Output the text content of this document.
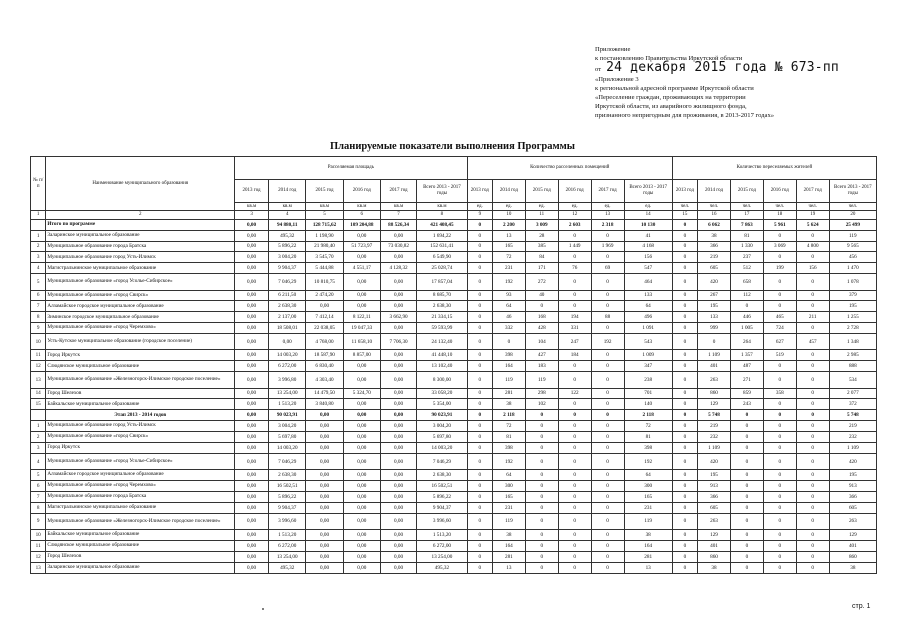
Приложение
к постановлению Правительства Иркутской области
от 24 декабря 2015 года № 673-пп
«Приложение 3
к региональной адресной программе Иркутской области
«Переселение граждан, проживающих на территории
Иркутской области, из аварийного жилищного фонда,
признанного непригодным для проживания, в 2013-2017 годах»
Планируемые показатели выполнения Программы
№ п/п	Наименование муниципального образования	Расселяемая площадь						Количество расселенных помещений						Количество переселяемых жителей					
		2013 год	2014 год	2015 год	2016 год	2017 год	Всего 2013 - 2017 годы	2013 год	2014 год	2015 год	2016 год	2017 год	Всего 2013 - 2017 годы	2013 год	2014 год	2015 год	2016 год	2017 год	Всего 2013 - 2017 годы
		кв.м	кв.м	кв.м	кв.м	кв.м	кв.м	ед.	ед.	ед.	ед.	ед.	ед.	чел.	чел.	чел.	чел.	чел.	чел.
1	2	3	4	5	6	7	8	9	10	11	12	13	14	15	16	17	18	19	20
	Итого по программе	0,00	94 880,11	128 715,62	109 204,88	88 526,34	421 408,45	0	2 200	3 009	2 603	2 318	10 130	0	6 062	7 863	5 961	5 624	25 499
1	Заларинское муниципальное образование	0,00	495,32	1 198,90	0,00	0,00	1 694,22	0	13	28	0	0	41	0	38	81	0	0	119
2	Муниципальное образование города Братска	0,00	5 896,22	21 980,40	51 723,97	73 030,82	152 631,41	0	165	385	1 449	1 969	4 168	0	366	1 330	3 069	4 800	9 565
3	Муниципальное образование город Усть-Илимск	0,00	3 004,20	3 545,70	0,00	0,00	6 549,90	0	72	84	0	0	156	0	219	237	0	0	456
4	Магистральнинское муниципальное образование	0,00	9 904,37	5 444,88	4 551,17	4 128,32	25 028,74	0	231	171	76	69	547	0	605	512	199	156	1 470
5	Муниципальное образование «город Усолье-Сибирское»	0,00	7 046,29	10 810,75	0,00	0,00	17 857,04	0	192	272	0	0	464	0	420	658	0	0	1 078
6	Муниципальное образование «город Свирск»	0,00	6 211,50	2 474,20	0,00	0,00	8 685,70	0	93	40	0	0	133	0	267	112	0	0	379
7	Алзамайское городское муниципальное образование	0,00	2 638,30	0,00	0,00	0,00	2 638,30	0	64	0	0	0	64	0	195	0	0	0	195
8	Зиминское городское муниципальное образование	0,00	2 137,00	7 412,14	8 122,11	3 662,90	21 334,15	0	46	168	194	88	496	0	133	446	465	211	1 255
9	Муниципальное образование «город Черемхово»	0,00	18 508,01	22 038,05	19 047,33	0,00	59 593,99	0	332	428	331	0	1 091	0	999	1 005	724	0	2 728
10	Усть-Кутское муниципальное образование (городское поселение)	0,00	0,00	4 768,00	11 658,10	7 706,30	24 132,40	0	0	104	247	192	543	0	0	264	627	457	1 348
11	Город Иркутск	0,00	14 003,20	18 587,90	8 857,00	0,00	41 448,10	0	398	427	184	0	1 009	0	1 109	1 357	519	0	2 985
12	Слюдянское муниципальное образование	0,00	6 272,00	6 830,40	0,00	0,00	13 102,40	0	164	183	0	0	347	0	401	487	0	0	888
13	Муниципальное образование «Железногорск-Илимское городское поселение»	0,00	3 996,80	4 303,40	0,00	0,00	8 300,00	0	119	119	0	0	238	0	263	271	0	0	534
14	Город Шелехов	0,00	13 254,00	14 479,50	5 324,70	0,00	33 058,20	0	281	298	122	0	701	0	860	859	358	0	2 077
15	Байкальское муниципальное образование	0,00	1 513,20	3 840,80	0,00	0,00	5 354,00	0	38	102	0	0	140	0	129	243	0	0	372
	Этап 2013 - 2014 годов	0,00	90 023,91	0,00	0,00	0,00	90 023,91	0	2 118	0	0	0	2 118	0	5 748	0	0	0	5 748
1	Муниципальное образование город Усть-Илимск	0,00	3 004,20	0,00	0,00	0,00	3 004,20	0	72	0	0	0	72	0	219	0	0	0	219
2	Муниципальное образование «город Свирск»	0,00	5 697,80	0,00	0,00	0,00	5 697,80	0	81	0	0	0	81	0	232	0	0	0	232
3	Город Иркутск	0,00	14 003,20	0,00	0,00	0,00	14 003,20	0	398	0	0	0	398	0	1 109	0	0	0	1 109
4	Муниципальное образование «город Усолье-Сибирское»	0,00	7 046,29	0,00	0,00	0,00	7 046,29	0	192	0	0	0	192	0	420	0	0	0	420
5	Алзамайское городское муниципальное образование	0,00	2 638,30	0,00	0,00	0,00	2 638,30	0	64	0	0	0	64	0	195	0	0	0	195
6	Муниципальное образование «город Черемхово»	0,00	16 502,51	0,00	0,00	0,00	16 502,51	0	300	0	0	0	300	0	913	0	0	0	913
7	Муниципальное образование города Братска	0,00	5 896,22	0,00	0,00	0,00	5 896,22	0	165	0	0	0	165	0	366	0	0	0	366
8	Магистральнинское муниципальное образование	0,00	9 904,37	0,00	0,00	0,00	9 904,37	0	231	0	0	0	231	0	605	0	0	0	605
9	Муниципальное образование «Железногорск-Илимское городское поселение»	0,00	3 996,60	0,00	0,00	0,00	3 996,60	0	119	0	0	0	119	0	263	0	0	0	263
10	Байкальское муниципальное образование	0,00	1 513,20	0,00	0,00	0,00	1 513,20	0	38	0	0	0	38	0	129	0	0	0	129
11	Слюдянское муниципальное образование	0,00	6 272,00	0,00	0,00	0,00	6 272,00	0	164	0	0	0	164	0	401	0	0	0	401
12	Город Шелехов	0,00	13 254,00	0,00	0,00	0,00	13 254,00	0	281	0	0	0	281	0	860	0	0	0	860
13	Заларинское муниципальное образование	0,00	495,32	0,00	0,00	0,00	495,32	0	13	0	0	0	13	0	38	0	0	0	38
стр. 1
